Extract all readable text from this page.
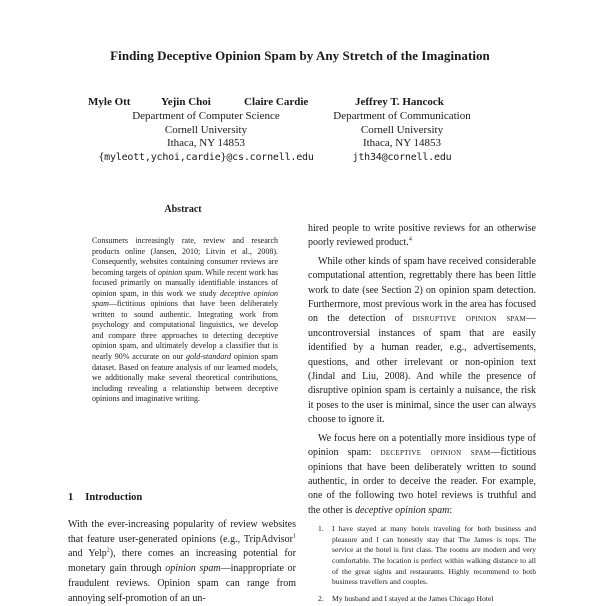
Finding Deceptive Opinion Spam by Any Stretch of the Imagination
Myle Ott	Yejin Choi	Claire Cardie	Jeffrey T. Hancock
Department of Computer Science
Cornell University
Ithaca, NY 14853
{myleott,ychoi,cardie}@cs.cornell.edu
Department of Communication
Cornell University
Ithaca, NY 14853
jth34@cornell.edu
Abstract

Consumers increasingly rate, review and research products online (Jansen, 2010; Litvin et al., 2008). Consequently, websites containing consumer reviews are becoming targets of opinion spam. While recent work has focused primarily on manually identifiable instances of opinion spam, in this work we study deceptive opinion spam—fictitious opinions that have been deliberately written to sound authentic. Integrating work from psychology and computational linguistics, we develop and compare three approaches to detecting deceptive opinion spam, and ultimately develop a classifier that is nearly 90% accurate on our gold-standard opinion spam dataset. Based on feature analysis of our learned models, we additionally make several theoretical contributions, including revealing a relationship between deceptive opinions and imaginative writing.

1 Introduction

With the ever-increasing popularity of review websites that feature user-generated opinions (e.g., TripAdvisor$^1$ and Yelp$^2$), there comes an increasing potential for monetary gain through opinion spam—inappropriate or fraudulent reviews. Opinion spam can range from annoying self-promotion of an un-

hired people to write positive reviews for an otherwise poorly reviewed product.$^4$

While other kinds of spam have received considerable computational attention, regrettably there has been little work to date (see Section 2) on opinion spam detection. Furthermore, most previous work in the area has focused on the detection of disruptive opinion spam—uncontroversial instances of spam that are easily identified by a human reader, e.g., advertisements, questions, and other irrelevant or non-opinion text (Jindal and Liu, 2008). And while the presence of disruptive opinion spam is certainly a nuisance, the risk it poses to the user is minimal, since the user can always choose to ignore it.

We focus here on a potentially more insidious type of opinion spam: deceptive opinion spam—fictitious opinions that have been deliberately written to sound authentic, in order to deceive the reader. For example, one of the following two hotel reviews is truthful and the other is deceptive opinion spam:

1. I have stayed at many hotels traveling for both business and pleasure and I can honestly stay that The James is tops. The service at the hotel is first class. The rooms are modern and very comfortable. The location is perfect within walking distance to all of the great sights and restaurants. Highly recommend to both business travellers and couples.
2. My husband and I stayed at the James Chicago Hotel
